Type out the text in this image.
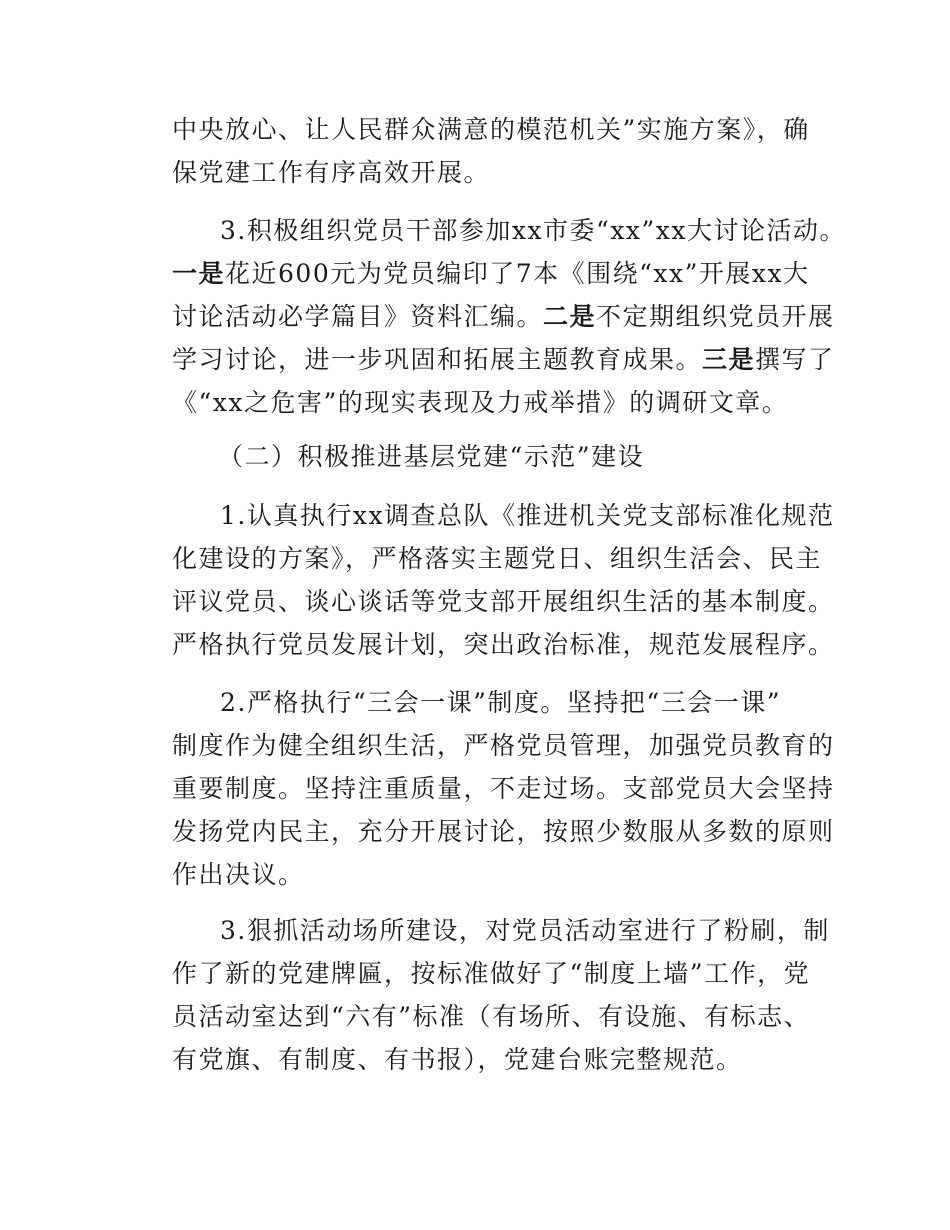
中央放心、让人民群众满意的模范机关”实施方案》，确
保党建工作有序高效开展。
3.积极组织党员干部参加xx市委“xx”xx大讨论活动。
一是花近600元为党员编印了7本《围绕“xx”开展xx大
讨论活动必学篇目》资料汇编。二是不定期组织党员开展
学习讨论，进一步巩固和拓展主题教育成果。三是撰写了
《“xx之危害”的现实表现及力戒举措》的调研文章。
（二）积极推进基层党建“示范”建设
1.认真执行xx调查总队《推进机关党支部标准化规范
化建设的方案》，严格落实主题党日、组织生活会、民主
评议党员、谈心谈话等党支部开展组织生活的基本制度。
严格执行党员发展计划，突出政治标准，规范发展程序。
2.严格执行“三会一课”制度。坚持把“三会一课”
制度作为健全组织生活，严格党员管理，加强党员教育的
重要制度。坚持注重质量，不走过场。支部党员大会坚持
发扬党内民主，充分开展讨论，按照少数服从多数的原则
作出决议。
3.狠抓活动场所建设，对党员活动室进行了粉刷，制
作了新的党建牌匾，按标准做好了“制度上墙”工作，党
员活动室达到“六有”标准（有场所、有设施、有标志、
有党旗、有制度、有书报），党建台账完整规范。
